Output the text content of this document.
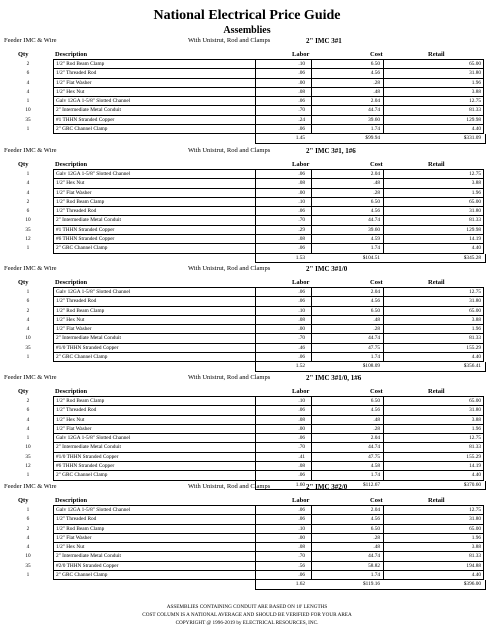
National Electrical Price Guide
Assemblies
Feeder IMC & Wire	With Unistrut, Rod and Clamps	2" IMC 3#1
Qty	Description	Labor	Cost	Retail
2	1/2" Rod Beam Clamp	.10	6.50	65.00
6	1/2" Threaded Rod	.06	4.56	31.80
4	1/2" Flat Washer	.00	.28	1.96
4	1/2" Hex Nut	.08	.48	3.88
1	Galv 12GA 1-5/8" Slotted Channel	.06	2.04	12.75
10	2" Intermediate Metal Conduit	.70	44.74	81.33
35	#1 THHN Stranded Copper	.24	39.60	129.98
1	2" GRC Channel Clamp	.06	1.74	4.40
1.45	$99.94	$331.09
Feeder IMC & Wire	With Unistrut, Rod and Clamps	2" IMC 3#1, 1#6
Qty	Description	Labor	Cost	Retail
1	Galv 12GA 1-5/8" Slotted Channel	.06	2.04	12.75
4	1/2" Hex Nut	.08	.48	3.88
4	1/2" Flat Washer	.00	.28	1.96
2	1/2" Rod Beam Clamp	.10	6.50	65.00
6	1/2" Threaded Rod	.06	4.56	31.80
10	2" Intermediate Metal Conduit	.70	44.74	81.33
35	#1 THHN Stranded Copper	.29	39.60	129.98
12	#6 THHN Stranded Copper	.08	4.59	14.19
1	2" GRC Channel Clamp	.06	1.74	4.40
1.53	$104.51	$345.28
Feeder IMC & Wire	With Unistrut, Rod and Clamps	2" IMC 3#1/0
Qty	Description	Labor	Cost	Retail
1	Galv 12GA 1-5/8" Slotted Channel	.06	2.04	12.75
6	1/2" Threaded Rod	.06	4.56	31.80
2	1/2" Rod Beam Clamp	.10	6.50	65.00
4	1/2" Hex Nut	.08	.48	3.88
4	1/2" Flat Washer	.00	.28	1.96
10	2" Intermediate Metal Conduit	.70	44.74	81.33
35	#1/0 THHN Stranded Copper	.46	47.75	155.29
1	2" GRC Channel Clamp	.06	1.74	4.40
1.52	$108.09	$356.41
Feeder IMC & Wire	With Unistrut, Rod and Clamps	2" IMC 3#1/0, 1#6
Qty	Description	Labor	Cost	Retail
2	1/2" Rod Beam Clamp	.10	6.50	65.00
6	1/2" Threaded Rod	.06	4.56	31.80
4	1/2" Hex Nut	.08	.48	3.88
4	1/2" Flat Washer	.00	.28	1.96
1	Galv 12GA 1-5/8" Slotted Channel	.06	2.04	12.75
10	2" Intermediate Metal Conduit	.70	44.74	81.33
35	#1/0 THHN Stranded Copper	.41	47.75	155.29
12	#6 THHN Stranded Copper	.08	4.58	14.19
1	2" GRC Channel Clamp	.06	1.74	4.40
1.60	$112.67	$370.60
Feeder IMC & Wire	With Unistrut, Rod and Clamps	2" IMC 3#2/0
Qty	Description	Labor	Cost	Retail
1	Galv 12GA 1-5/8" Slotted Channel	.06	2.04	12.75
6	1/2" Threaded Rod	.06	4.56	31.80
2	1/2" Rod Beam Clamp	.10	6.50	65.00
4	1/2" Flat Washer	.00	.28	1.96
4	1/2" Hex Nut	.08	.48	3.88
10	2" Intermediate Metal Conduit	.70	44.74	81.33
35	#2/0 THHN Stranded Copper	.56	58.82	194.88
1	2" GRC Channel Clamp	.06	1.74	4.40
1.62	$119.16	$396.00
ASSEMBLIES CONTAINING CONDUIT ARE BASED ON 10' LENGTHS
COST COLUMN IS A NATIONAL AVERAGE AND SHOULD BE VERIFIED FOR YOUR AREA
COPYRIGHT @ 1996-2019 by ELECTRICAL RESOURCES, INC.
